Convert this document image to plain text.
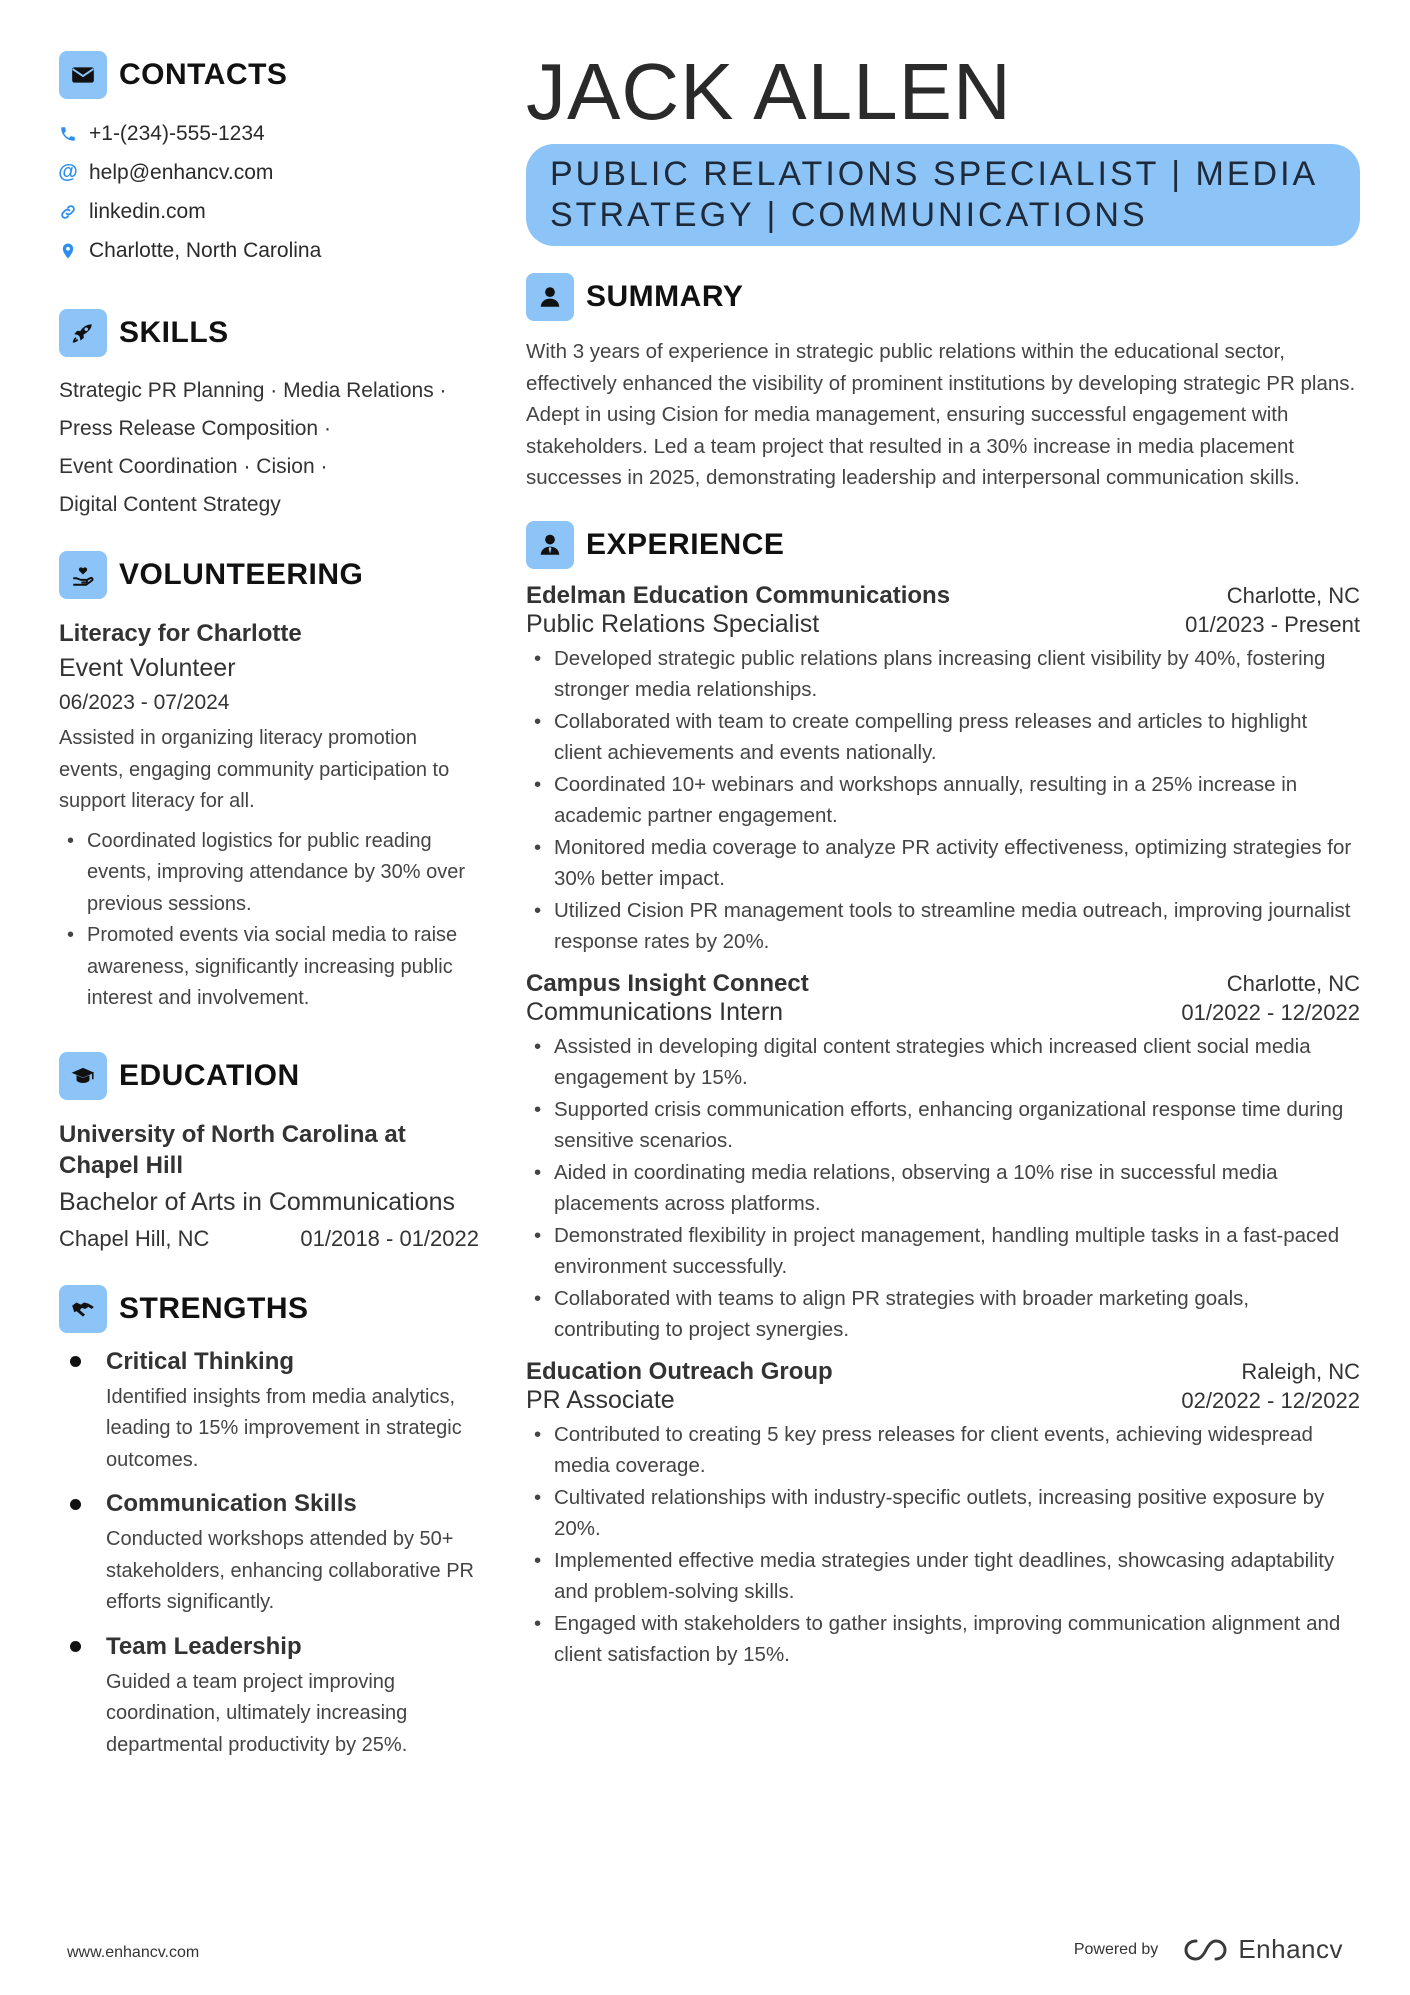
CONTACTS
+1-(234)-555-1234
@ help@enhancv.com
linkedin.com
Charlotte, North Carolina
SKILLS
Strategic PR Planning · Media Relations ·
Press Release Composition ·
Event Coordination · Cision ·
Digital Content Strategy
VOLUNTEERING
Literacy for Charlotte
Event Volunteer
06/2023 - 07/2024
Assisted in organizing literacy promotion events, engaging community participation to support literacy for all.
• Coordinated logistics for public reading events, improving attendance by 30% over previous sessions.
• Promoted events via social media to raise awareness, significantly increasing public interest and involvement.
EDUCATION
University of North Carolina at Chapel Hill
Bachelor of Arts in Communications
Chapel Hill, NC	01/2018 - 01/2022
STRENGTHS
Critical Thinking
Identified insights from media analytics, leading to 15% improvement in strategic outcomes.
Communication Skills
Conducted workshops attended by 50+ stakeholders, enhancing collaborative PR efforts significantly.
Team Leadership
Guided a team project improving coordination, ultimately increasing departmental productivity by 25%.
JACK ALLEN
PUBLIC RELATIONS SPECIALIST | MEDIA STRATEGY | COMMUNICATIONS
SUMMARY
With 3 years of experience in strategic public relations within the educational sector, effectively enhanced the visibility of prominent institutions by developing strategic PR plans. Adept in using Cision for media management, ensuring successful engagement with stakeholders. Led a team project that resulted in a 30% increase in media placement successes in 2025, demonstrating leadership and interpersonal communication skills.
EXPERIENCE
Edelman Education Communications	Charlotte, NC
Public Relations Specialist	01/2023 - Present
• Developed strategic public relations plans increasing client visibility by 40%, fostering stronger media relationships.
• Collaborated with team to create compelling press releases and articles to highlight client achievements and events nationally.
• Coordinated 10+ webinars and workshops annually, resulting in a 25% increase in academic partner engagement.
• Monitored media coverage to analyze PR activity effectiveness, optimizing strategies for 30% better impact.
• Utilized Cision PR management tools to streamline media outreach, improving journalist response rates by 20%.
Campus Insight Connect	Charlotte, NC
Communications Intern	01/2022 - 12/2022
• Assisted in developing digital content strategies which increased client social media engagement by 15%.
• Supported crisis communication efforts, enhancing organizational response time during sensitive scenarios.
• Aided in coordinating media relations, observing a 10% rise in successful media placements across platforms.
• Demonstrated flexibility in project management, handling multiple tasks in a fast-paced environment successfully.
• Collaborated with teams to align PR strategies with broader marketing goals, contributing to project synergies.
Education Outreach Group	Raleigh, NC
PR Associate	02/2022 - 12/2022
• Contributed to creating 5 key press releases for client events, achieving widespread media coverage.
• Cultivated relationships with industry-specific outlets, increasing positive exposure by 20%.
• Implemented effective media strategies under tight deadlines, showcasing adaptability and problem-solving skills.
• Engaged with stakeholders to gather insights, improving communication alignment and client satisfaction by 15%.
www.enhancv.com	Powered by	Enhancv
